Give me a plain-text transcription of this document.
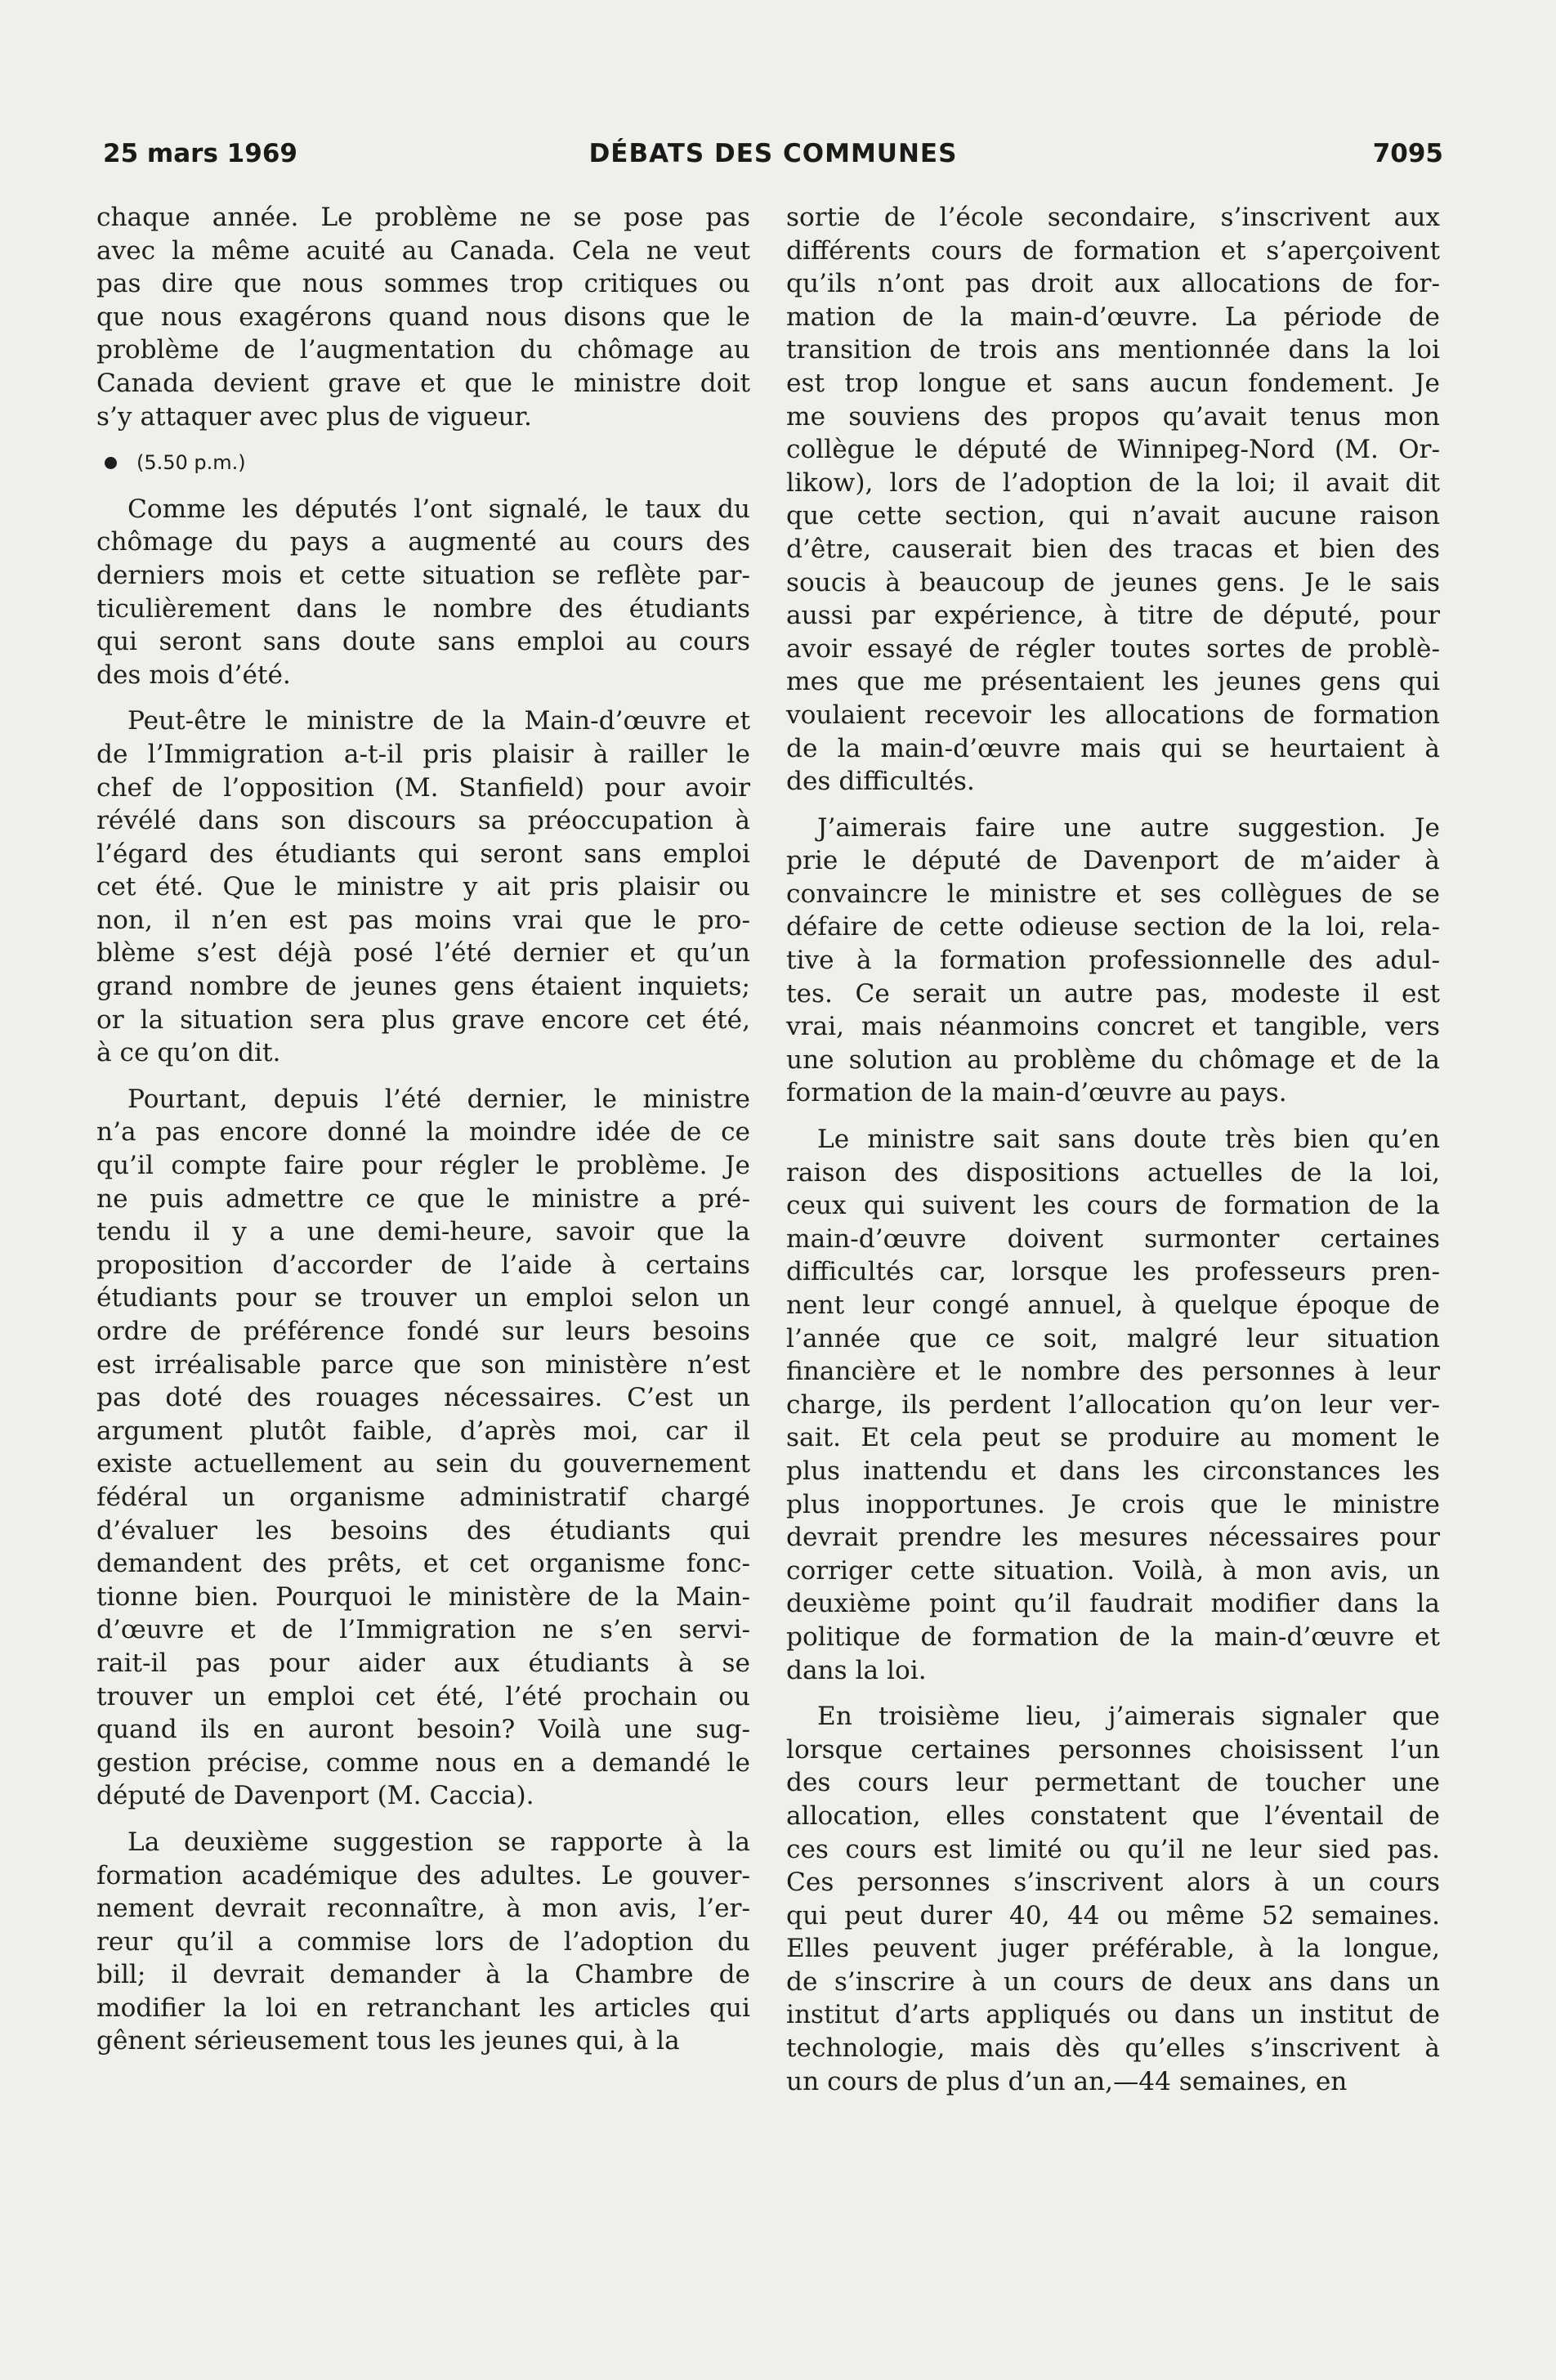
25 mars 1969	DÉBATS DES COMMUNES	7095
chaque année. Le problème ne se pose pas
avec la même acuité au Canada. Cela ne veut
pas dire que nous sommes trop critiques ou
que nous exagérons quand nous disons que le
problème de l’augmentation du chômage au
Canada devient grave et que le ministre doit
s’y attaquer avec plus de vigueur.
(5.50 p.m.)
Comme les députés l’ont signalé, le taux du
chômage du pays a augmenté au cours des
derniers mois et cette situation se reflète par-
ticulièrement dans le nombre des étudiants
qui seront sans doute sans emploi au cours
des mois d’été.
Peut-être le ministre de la Main-d’œuvre et
de l’Immigration a-t-il pris plaisir à railler le
chef de l’opposition (M. Stanfield) pour avoir
révélé dans son discours sa préoccupation à
l’égard des étudiants qui seront sans emploi
cet été. Que le ministre y ait pris plaisir ou
non, il n’en est pas moins vrai que le pro-
blème s’est déjà posé l’été dernier et qu’un
grand nombre de jeunes gens étaient inquiets;
or la situation sera plus grave encore cet été,
à ce qu’on dit.
Pourtant, depuis l’été dernier, le ministre
n’a pas encore donné la moindre idée de ce
qu’il compte faire pour régler le problème. Je
ne puis admettre ce que le ministre a pré-
tendu il y a une demi-heure, savoir que la
proposition d’accorder de l’aide à certains
étudiants pour se trouver un emploi selon un
ordre de préférence fondé sur leurs besoins
est irréalisable parce que son ministère n’est
pas doté des rouages nécessaires. C’est un
argument plutôt faible, d’après moi, car il
existe actuellement au sein du gouvernement
fédéral un organisme administratif chargé
d’évaluer les besoins des étudiants qui
demandent des prêts, et cet organisme fonc-
tionne bien. Pourquoi le ministère de la Main-
d’œuvre et de l’Immigration ne s’en servi-
rait-il pas pour aider aux étudiants à se
trouver un emploi cet été, l’été prochain ou
quand ils en auront besoin? Voilà une sug-
gestion précise, comme nous en a demandé le
député de Davenport (M. Caccia).
La deuxième suggestion se rapporte à la
formation académique des adultes. Le gouver-
nement devrait reconnaître, à mon avis, l’er-
reur qu’il a commise lors de l’adoption du
bill; il devrait demander à la Chambre de
modifier la loi en retranchant les articles qui
gênent sérieusement tous les jeunes qui, à la
sortie de l’école secondaire, s’inscrivent aux
différents cours de formation et s’aperçoivent
qu’ils n’ont pas droit aux allocations de for-
mation de la main-d’œuvre. La période de
transition de trois ans mentionnée dans la loi
est trop longue et sans aucun fondement. Je
me souviens des propos qu’avait tenus mon
collègue le député de Winnipeg-Nord (M. Or-
likow), lors de l’adoption de la loi; il avait dit
que cette section, qui n’avait aucune raison
d’être, causerait bien des tracas et bien des
soucis à beaucoup de jeunes gens. Je le sais
aussi par expérience, à titre de député, pour
avoir essayé de régler toutes sortes de problè-
mes que me présentaient les jeunes gens qui
voulaient recevoir les allocations de formation
de la main-d’œuvre mais qui se heurtaient à
des difficultés.
J’aimerais faire une autre suggestion. Je
prie le député de Davenport de m’aider à
convaincre le ministre et ses collègues de se
défaire de cette odieuse section de la loi, rela-
tive à la formation professionnelle des adul-
tes. Ce serait un autre pas, modeste il est
vrai, mais néanmoins concret et tangible, vers
une solution au problème du chômage et de la
formation de la main-d’œuvre au pays.
Le ministre sait sans doute très bien qu’en
raison des dispositions actuelles de la loi,
ceux qui suivent les cours de formation de la
main-d’œuvre doivent surmonter certaines
difficultés car, lorsque les professeurs pren-
nent leur congé annuel, à quelque époque de
l’année que ce soit, malgré leur situation
financière et le nombre des personnes à leur
charge, ils perdent l’allocation qu’on leur ver-
sait. Et cela peut se produire au moment le
plus inattendu et dans les circonstances les
plus inopportunes. Je crois que le ministre
devrait prendre les mesures nécessaires pour
corriger cette situation. Voilà, à mon avis, un
deuxième point qu’il faudrait modifier dans la
politique de formation de la main-d’œuvre et
dans la loi.
En troisième lieu, j’aimerais signaler que
lorsque certaines personnes choisissent l’un
des cours leur permettant de toucher une
allocation, elles constatent que l’éventail de
ces cours est limité ou qu’il ne leur sied pas.
Ces personnes s’inscrivent alors à un cours
qui peut durer 40, 44 ou même 52 semaines.
Elles peuvent juger préférable, à la longue,
de s’inscrire à un cours de deux ans dans un
institut d’arts appliqués ou dans un institut de
technologie, mais dès qu’elles s’inscrivent à
un cours de plus d’un an,—44 semaines, en
